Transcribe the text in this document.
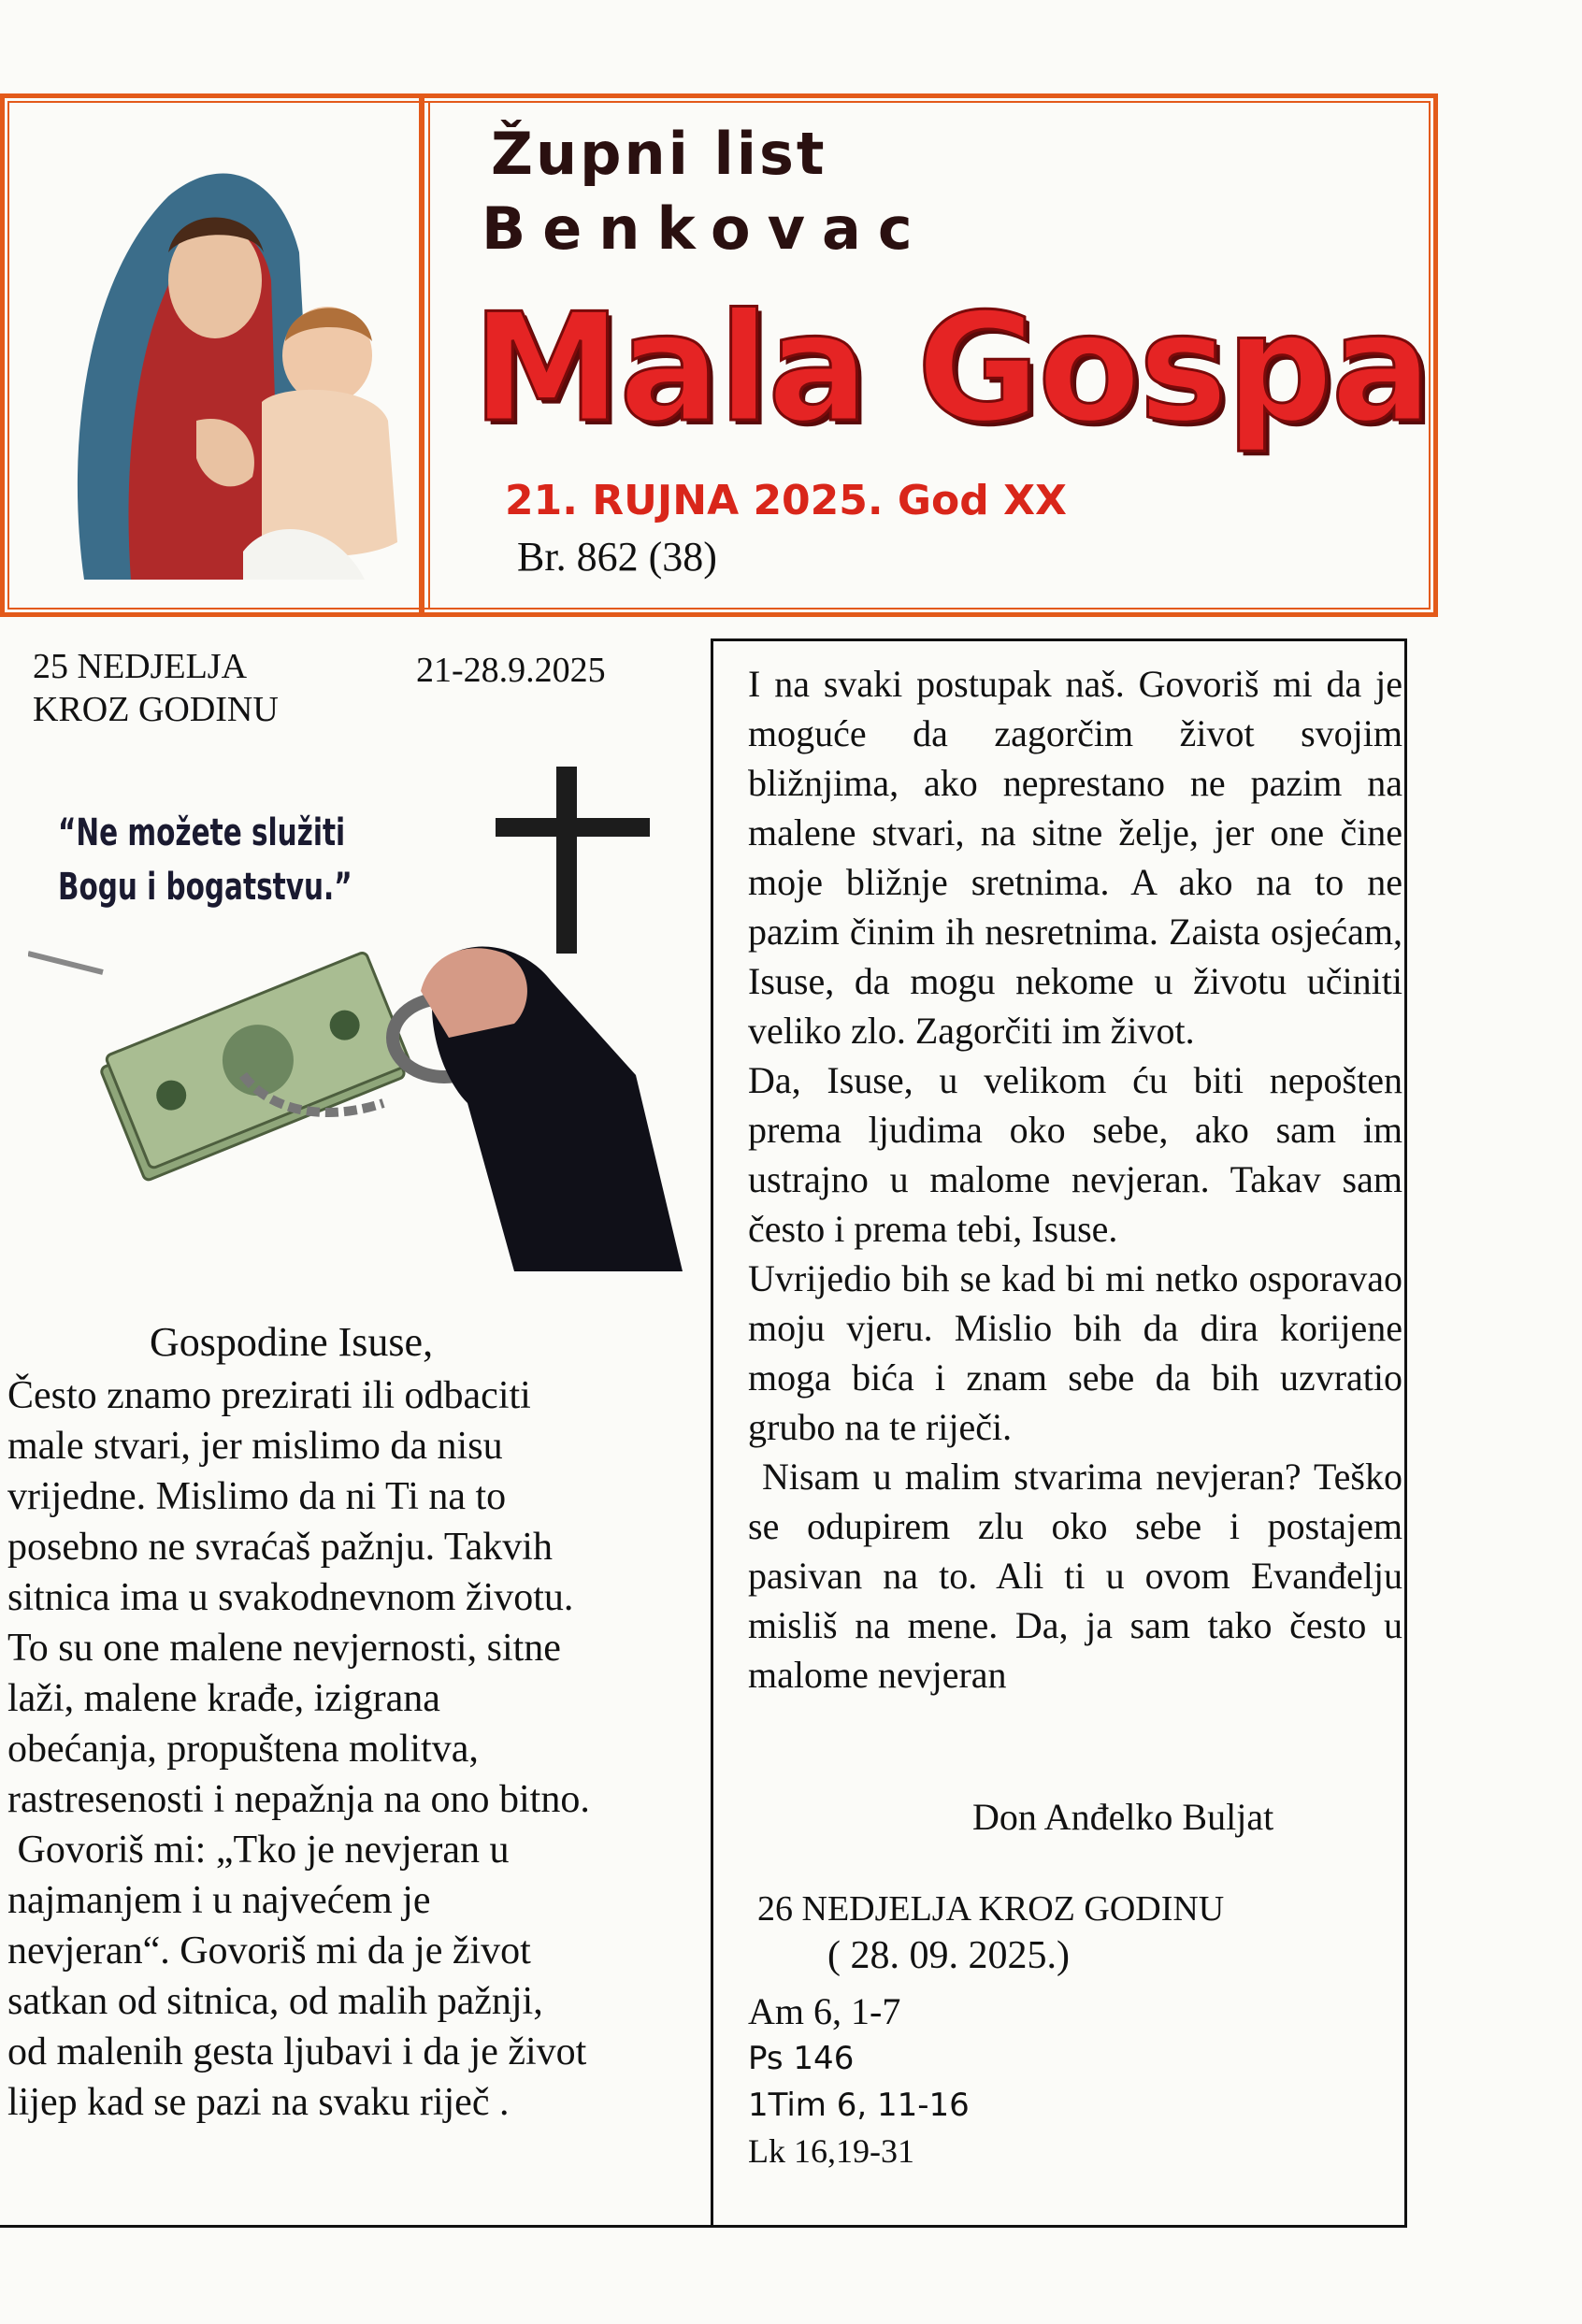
Župni list
Benkovac
Mala Gospa
21. RUJNA 2025. God XX
Br. 862 (38)
25 NEDJELJA
KROZ GODINU
21-28.9.2025
“Ne možete služiti
Bogu i bogatstvu.”
Gospodine Isuse,
Često znamo prezirati ili odbaciti
male stvari, jer mislimo da nisu
vrijedne. Mislimo da ni Ti na to
posebno ne svraćaš pažnju. Takvih
sitnica ima u svakodnevnom životu.
To su one malene nevjernosti, sitne
laži, malene krađe, izigrana
obećanja, propuštena molitva,
rastresenosti i nepažnja na ono bitno.
Govoriš mi: „Tko je nevjeran u
najmanjem i u najvećem je
nevjeran“. Govoriš mi da je život
satkan od sitnica, od malih pažnji,
od malenih gesta ljubavi i da je život
lijep kad se pazi na svaku riječ .

I na svaki postupak naš. Govoriš mi da je moguće da zagorčim život svojim bližnjima, ako neprestano ne pazim na malene stvari, na sitne želje, jer one čine moje bližnje sretnima. A ako na to ne pazim činim ih nesretnima. Zaista osjećam, Isuse, da mogu nekome u životu učiniti veliko zlo. Zagorčiti im život.

Da, Isuse, u velikom ću biti nepošten prema ljudima oko sebe, ako sam im ustrajno u malome nevjeran. Takav sam često i prema tebi, Isuse.

Uvrijedio bih se kad bi mi netko osporavao moju vjeru. Mislio bih da dira korijene moga bića i znam sebe da bih uzvratio grubo na te riječi.

Nisam u malim stvarima nevjeran? Teško se odupirem zlu oko sebe i postajem pasivan na to. Ali ti u ovom Evanđelju misliš na mene. Da, ja sam tako često u malome nevjeran

Don Anđelko Buljat
26 NEDJELJA KROZ GODINU
( 28. 09. 2025.)
Am 6, 1-7
Ps 146
1Tim 6, 11-16
Lk 16,19-31
